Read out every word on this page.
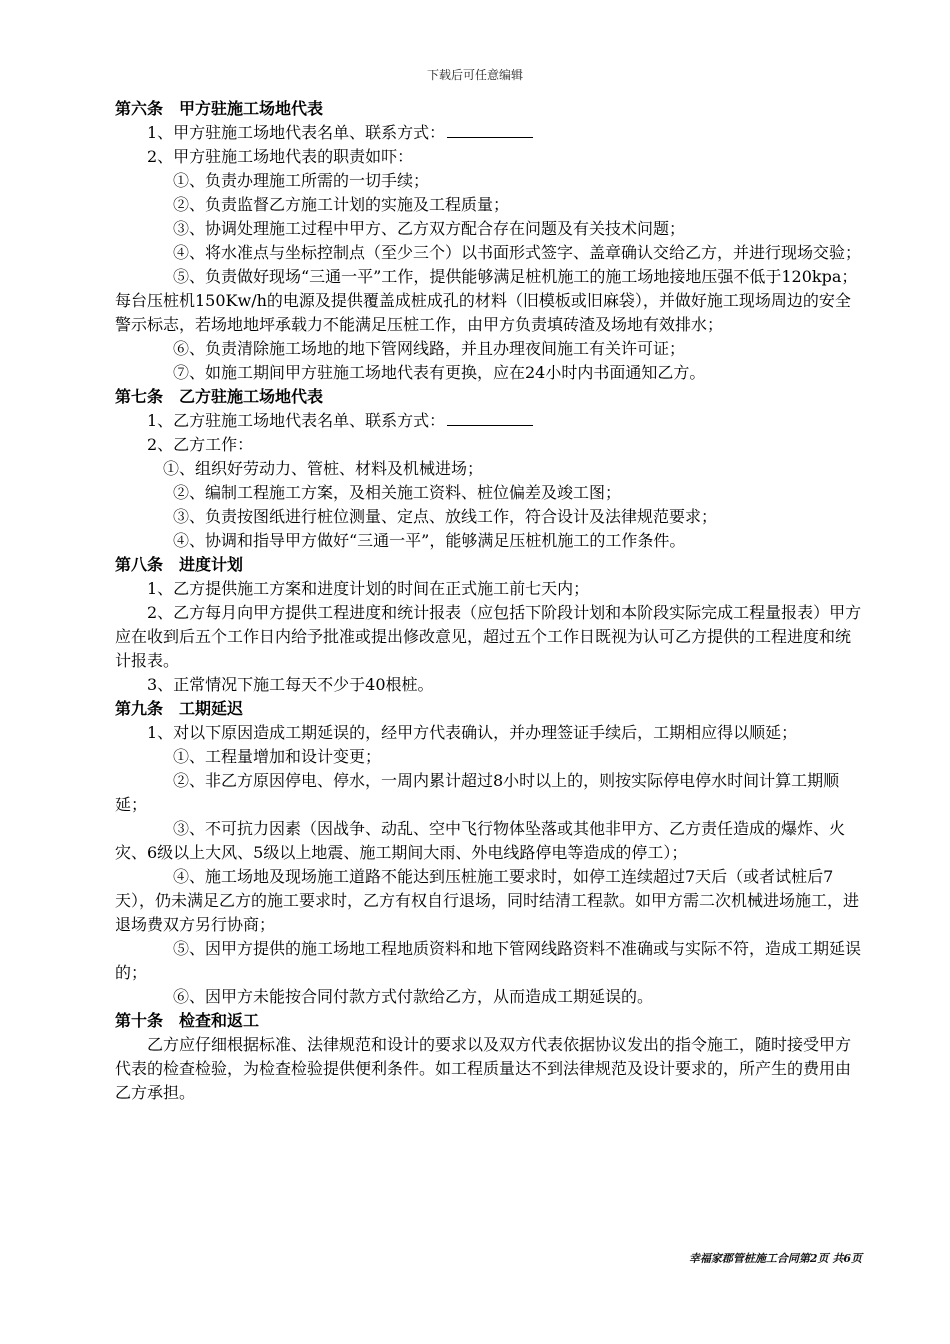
下载后可任意编辑
第六条　甲方驻施工场地代表
1、甲方驻施工场地代表名单、联系方式：
2、甲方驻施工场地代表的职责如吓：
①、负责办理施工所需的一切手续；
②、负责监督乙方施工计划的实施及工程质量；
③、协调处理施工过程中甲方、乙方双方配合存在问题及有关技术问题；
④、将水准点与坐标控制点（至少三个）以书面形式签字、盖章确认交给乙方，并进行现场交验；
⑤、负责做好现场“三通一平”工作，提供能够满足桩机施工的施工场地接地压强不低于120kpa；每台压桩机150Kw/h的电源及提供覆盖成桩成孔的材料（旧模板或旧麻袋），并做好施工现场周边的安全警示标志，若场地地坪承载力不能满足压桩工作，由甲方负责填砖渣及场地有效排水；
⑥、负责清除施工场地的地下管网线路，并且办理夜间施工有关许可证；
⑦、如施工期间甲方驻施工场地代表有更换，应在24小时内书面通知乙方。
第七条　乙方驻施工场地代表
1、乙方驻施工场地代表名单、联系方式：
2、乙方工作：
①、组织好劳动力、管桩、材料及机械进场；
②、编制工程施工方案，及相关施工资料、桩位偏差及竣工图；
③、负责按图纸进行桩位测量、定点、放线工作，符合设计及法律规范要求；
④、协调和指导甲方做好“三通一平”，能够满足压桩机施工的工作条件。
第八条　进度计划
1、乙方提供施工方案和进度计划的时间在正式施工前七天内；
2、乙方每月向甲方提供工程进度和统计报表（应包括下阶段计划和本阶段实际完成工程量报表）甲方应在收到后五个工作日内给予批准或提出修改意见，超过五个工作日既视为认可乙方提供的工程进度和统计报表。
3、正常情况下施工每天不少于40根桩。
第九条　工期延迟
1、对以下原因造成工期延误的，经甲方代表确认，并办理签证手续后，工期相应得以顺延；
①、工程量增加和设计变更；
②、非乙方原因停电、停水，一周内累计超过8小时以上的，则按实际停电停水时间计算工期顺延；
③、不可抗力因素（因战争、动乱、空中飞行物体坠落或其他非甲方、乙方责任造成的爆炸、火灾、6级以上大风、5级以上地震、施工期间大雨、外电线路停电等造成的停工）；
④、施工场地及现场施工道路不能达到压桩施工要求时，如停工连续超过7天后（或者试桩后7天），仍未满足乙方的施工要求时，乙方有权自行退场，同时结清工程款。如甲方需二次机械进场施工，进退场费双方另行协商；
⑤、因甲方提供的施工场地工程地质资料和地下管网线路资料不准确或与实际不符，造成工期延误的；
⑥、因甲方未能按合同付款方式付款给乙方，从而造成工期延误的。
第十条　检查和返工
乙方应仔细根据标准、法律规范和设计的要求以及双方代表依据协议发出的指令施工，随时接受甲方代表的检查检验，为检查检验提供便利条件。如工程质量达不到法律规范及设计要求的，所产生的费用由乙方承担。
幸福家郡管桩施工合同第2页 共6页
